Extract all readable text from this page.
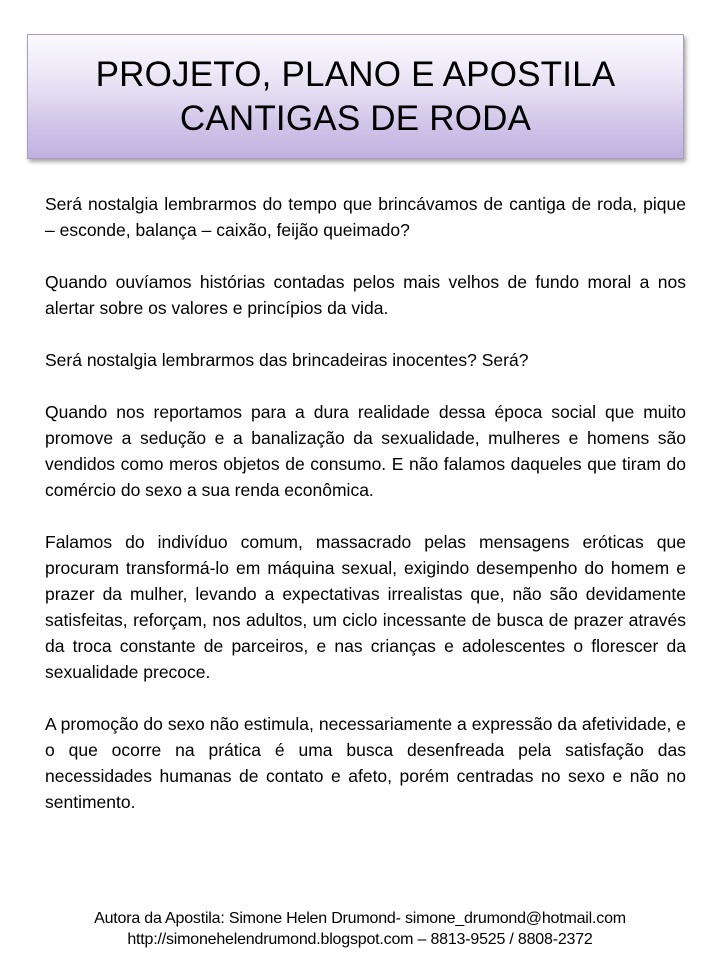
PROJETO, PLANO E APOSTILA
CANTIGAS DE RODA

Será nostalgia lembrarmos do tempo que brincávamos de cantiga de roda, pique – esconde, balança – caixão, feijão queimado?

Quando ouvíamos histórias contadas pelos mais velhos de fundo moral a nos alertar sobre os valores e princípios da vida.

Será nostalgia lembrarmos das brincadeiras inocentes? Será?

Quando nos reportamos para a dura realidade dessa época social que muito promove a sedução e a banalização da sexualidade, mulheres e homens são vendidos como meros objetos de consumo. E não falamos daqueles que tiram do comércio do sexo a sua renda econômica.

Falamos do indivíduo comum, massacrado pelas mensagens eróticas que procuram transformá-lo em máquina sexual, exigindo desempenho do homem e prazer da mulher, levando a expectativas irrealistas que, não são devidamente satisfeitas, reforçam, nos adultos, um ciclo incessante de busca de prazer através da troca constante de parceiros, e nas crianças e adolescentes o florescer da sexualidade precoce.

A promoção do sexo não estimula, necessariamente a expressão da afetividade, e o que ocorre na prática é uma busca desenfreada pela satisfação das necessidades humanas de contato e afeto, porém centradas no sexo e não no sentimento.

Autora da Apostila: Simone Helen Drumond- simone_drumond@hotmail.com
http://simonehelendrumond.blogspot.com – 8813-9525 / 8808-2372
